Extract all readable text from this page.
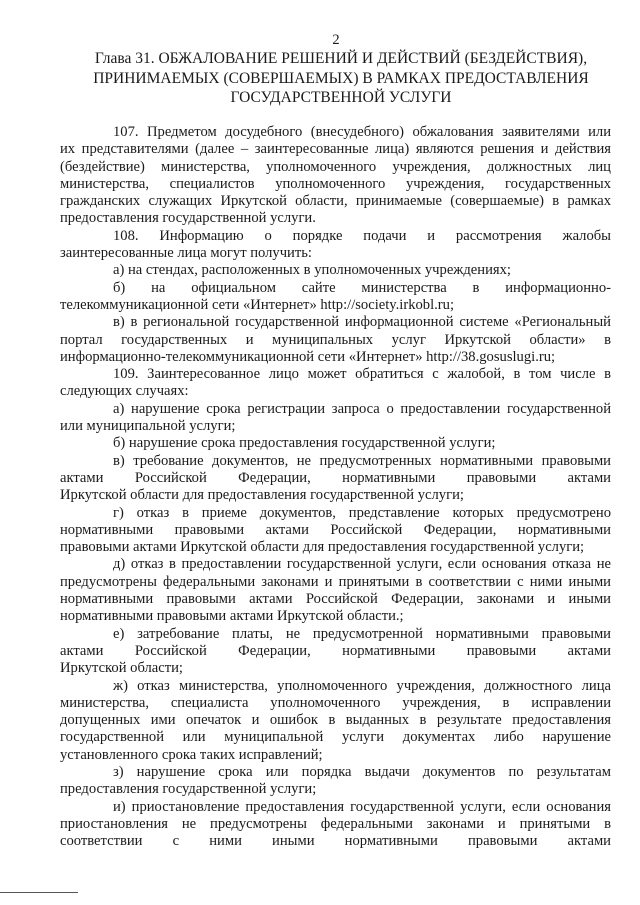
2
Глава 31. ОБЖАЛОВАНИЕ РЕШЕНИЙ И ДЕЙСТВИЙ (БЕЗДЕЙСТВИЯ),
ПРИНИМАЕМЫХ (СОВЕРШАЕМЫХ) В РАМКАХ ПРЕДОСТАВЛЕНИЯ
ГОСУДАРСТВЕННОЙ УСЛУГИ
107. Предметом досудебного (внесудебного) обжалования заявителями или
их представителями (далее – заинтересованные лица) являются решения и действия
(бездействие) министерства, уполномоченного учреждения, должностных лиц
министерства, специалистов уполномоченного учреждения, государственных
гражданских служащих Иркутской области, принимаемые (совершаемые) в рамках
предоставления государственной услуги.
108. Информацию о порядке подачи и рассмотрения жалобы
заинтересованные лица могут получить:
а) на стендах, расположенных в уполномоченных учреждениях;
б) на официальном сайте министерства в информационно-
телекоммуникационной сети «Интернет» http://society.irkobl.ru;
в) в региональной государственной информационной системе «Региональный
портал государственных и муниципальных услуг Иркутской области» в
информационно-телекоммуникационной сети «Интернет» http://38.gosuslugi.ru;
109. Заинтересованное лицо может обратиться с жалобой, в том числе в
следующих случаях:
а) нарушение срока регистрации запроса о предоставлении государственной
или муниципальной услуги;
б) нарушение срока предоставления государственной услуги;
в) требование документов, не предусмотренных нормативными правовыми
актами Российской Федерации, нормативными правовыми актами
Иркутской области для предоставления государственной услуги;
г) отказ в приеме документов, представление которых предусмотрено
нормативными правовыми актами Российской Федерации, нормативными
правовыми актами Иркутской области для предоставления государственной услуги;
д) отказ в предоставлении государственной услуги, если основания отказа не
предусмотрены федеральными законами и принятыми в соответствии с ними иными
нормативными правовыми актами Российской Федерации, законами и иными
нормативными правовыми актами Иркутской области.;
е) затребование платы, не предусмотренной нормативными правовыми
актами Российской Федерации, нормативными правовыми актами
Иркутской области;
ж) отказ министерства, уполномоченного учреждения, должностного лица
министерства, специалиста уполномоченного учреждения, в исправлении
допущенных ими опечаток и ошибок в выданных в результате предоставления
государственной или муниципальной услуги документах либо нарушение
установленного срока таких исправлений;
з) нарушение срока или порядка выдачи документов по результатам
предоставления государственной услуги;
и) приостановление предоставления государственной услуги, если основания
приостановления не предусмотрены федеральными законами и принятыми в
соответствии с ними иными нормативными правовыми актами
